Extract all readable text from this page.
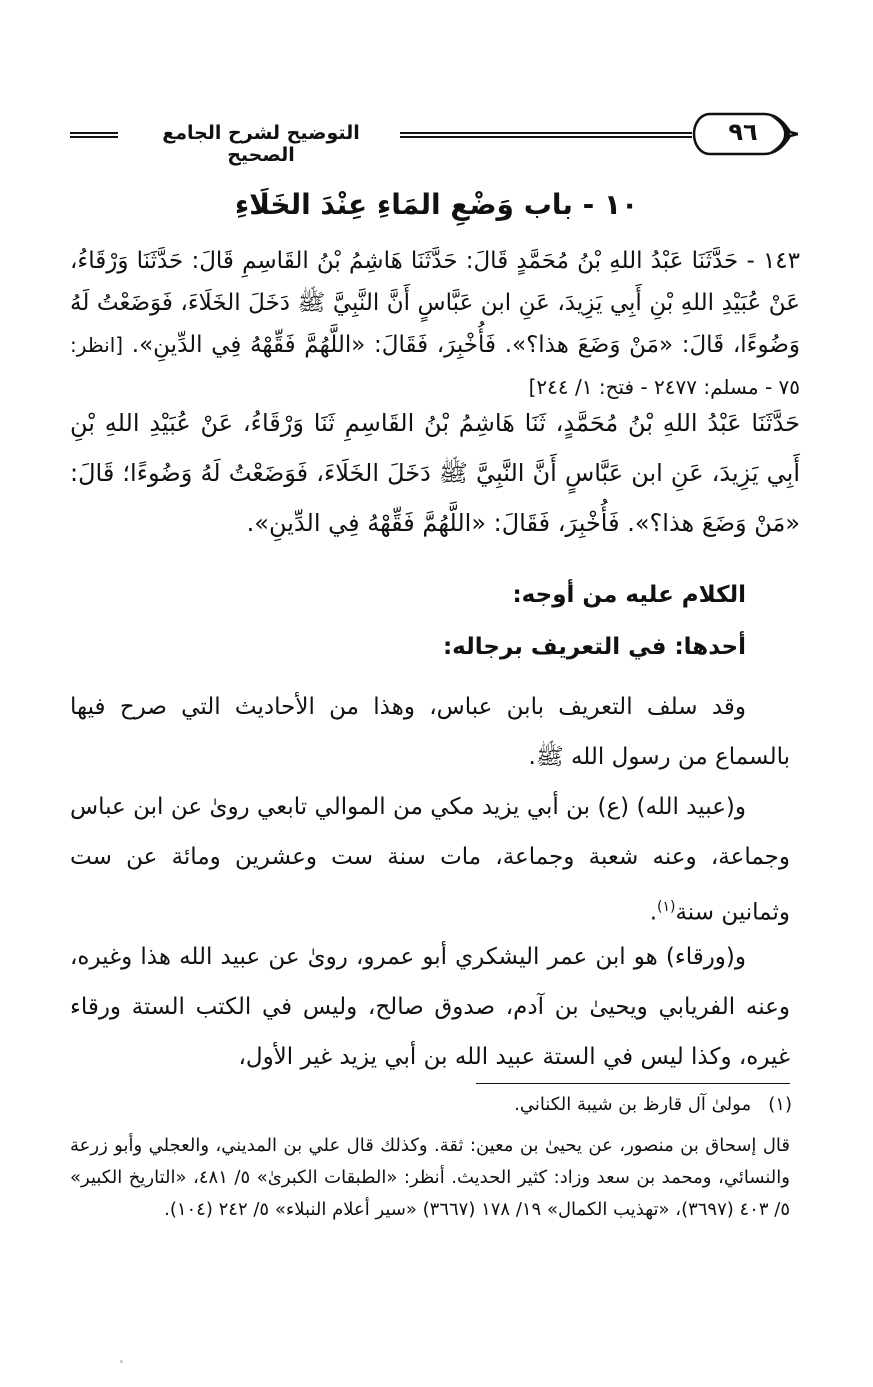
التوضيح لشرح الجامع الصحيح
٩٦
١٠ - باب وَضْعِ المَاءِ عِنْدَ الخَلَاءِ

١٤٣ - حَدَّثَنَا عَبْدُ اللهِ بْنُ مُحَمَّدٍ قَالَ: حَدَّثَنَا هَاشِمُ بْنُ القَاسِمِ قَالَ: حَدَّثَنَا وَرْقَاءُ، عَنْ عُبَيْدِ اللهِ بْنِ أَبِي يَزِيدَ، عَنِ ابن عَبَّاسٍ أَنَّ النَّبِيَّ ﷺ دَخَلَ الخَلَاءَ، فَوَضَعْتُ لَهُ وَضُوءًا، قَالَ: «مَنْ وَضَعَ هذا؟». فَأُخْبِرَ، فَقَالَ: «اللَّهُمَّ فَقِّهْهُ فِي الدِّينِ». [انظر: ٧٥ - مسلم: ٢٤٧٧ - فتح: ١/ ٢٤٤]

حَدَّثَنَا عَبْدُ اللهِ بْنُ مُحَمَّدٍ، ثَنَا هَاشِمُ بْنُ القَاسِمِ ثَنَا وَرْقَاءُ، عَنْ عُبَيْدِ اللهِ بْنِ أَبِي يَزِيدَ، عَنِ ابن عَبَّاسٍ أَنَّ النَّبِيَّ ﷺ دَخَلَ الخَلَاءَ، فَوَضَعْتُ لَهُ وَضُوءًا؛ قَالَ: «مَنْ وَضَعَ هذا؟». فَأُخْبِرَ، فَقَالَ: «اللَّهُمَّ فَقِّهْهُ فِي الدِّينِ».

الكلام عليه من أوجه:

أحدها: في التعريف برجاله:

وقد سلف التعريف بابن عباس، وهذا من الأحاديث التي صرح فيها بالسماع من رسول الله ﷺ.

و(عبيد الله) (ع) بن أبي يزيد مكي من الموالي تابعي روىٰ عن ابن عباس وجماعة، وعنه شعبة وجماعة، مات سنة ست وعشرين ومائة عن ست وثمانين سنة$^{(١)}$.

و(ورقاء) هو ابن عمر اليشكري أبو عمرو، روىٰ عن عبيد الله هذا وغيره، وعنه الفريابي ويحيىٰ بن آدم، صدوق صالح، وليس في الكتب الستة ورقاء غيره، وكذا ليس في الستة عبيد الله بن أبي يزيد غير الأول،

(١)   مولىٰ آل قارظ بن شيبة الكناني.

قال إسحاق بن منصور، عن يحيىٰ بن معين: ثقة. وكذلك قال علي بن المديني، والعجلي وأبو زرعة والنسائي، ومحمد بن سعد وزاد: كثير الحديث. أنظر: «الطبقات الكبرىٰ» ٥/ ٤٨١، «التاريخ الكبير» ٥/ ٤٠٣ (٣٦٩٧)، «تهذيب الكمال» ١٩/ ١٧٨ (٣٦٦٧) «سير أعلام النبلاء» ٥/ ٢٤٢ (١٠٤).
